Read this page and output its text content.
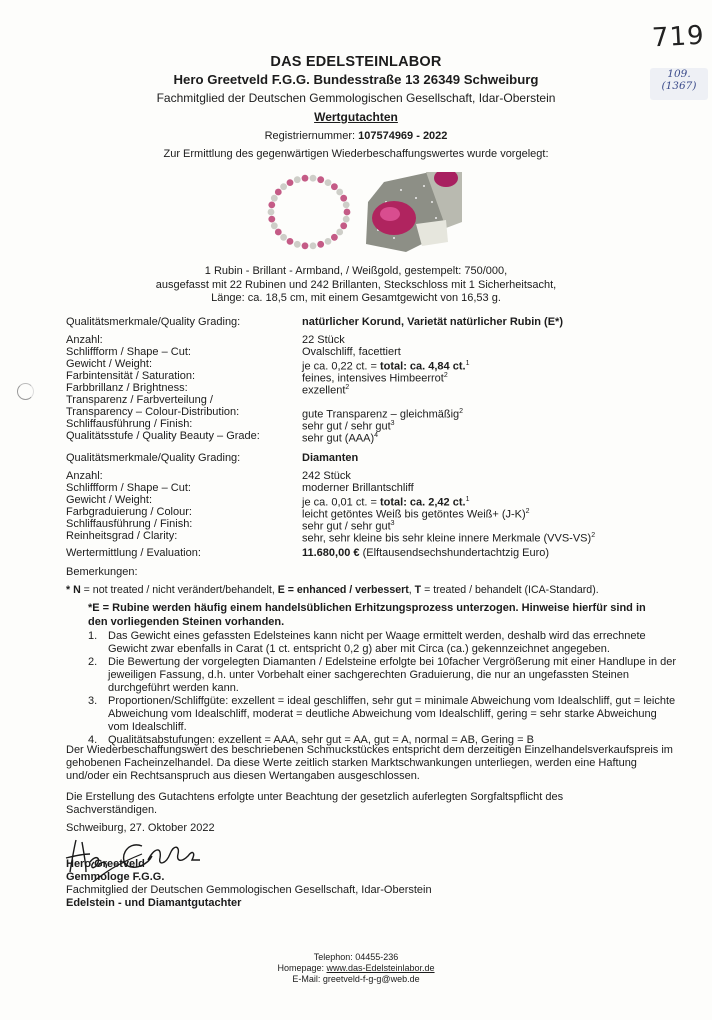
719
109.
(1367)
DAS EDELSTEINLABOR
Hero Greetveld F.G.G. Bundesstraße 13 26349 Schweiburg
Fachmitglied der Deutschen Gemmologischen Gesellschaft, Idar-Oberstein
Wertgutachten
Registriernummer: 107574969 - 2022
Zur Ermittlung des gegenwärtigen Wiederbeschaffungswertes wurde vorgelegt:
1 Rubin - Brillant - Armband, / Weißgold, gestempelt: 750/000,
ausgefasst mit 22 Rubinen und 242 Brillanten, Steckschloss mit 1 Sicherheitsacht,
Länge: ca. 18,5 cm, mit einem Gesamtgewicht von 16,53 g.
Qualitätsmerkmale/Quality Grading:	natürlicher Korund, Varietät natürlicher Rubin (E*)
Anzahl:	22 Stück
Schliffform / Shape – Cut:	Ovalschliff, facettiert
Gewicht / Weight:	je ca. 0,22 ct. = total: ca. 4,84 ct.$^1$
Farbintensität / Saturation:	feines, intensives Himbeerrot$^2$
Farbbrillanz / Brightness:	exzellent$^2$
Transparenz / Farbverteilung /
Transparency – Colour-Distribution:	gute Transparenz – gleichmäßig$^2$
Schliffausführung / Finish:	sehr gut / sehr gut$^3$
Qualitätsstufe / Quality Beauty – Grade:	sehr gut (AAA)$^4$
Qualitätsmerkmale/Quality Grading:	Diamanten
Anzahl:	242 Stück
Schliffform / Shape – Cut:	moderner Brillantschliff
Gewicht / Weight:	je ca. 0,01 ct. = total: ca. 2,42 ct.$^1$
Farbgraduierung / Colour:	leicht getöntes Weiß bis getöntes Weiß+ $(J-K)^2$
Schliffausführung / Finish:	sehr gut / sehr gut$^3$
Reinheitsgrad / Clarity:	sehr, sehr kleine bis sehr kleine innere Merkmale $(VVS-VS)^2$
Wertermittlung / Evaluation:	11.680,00 € (Elftausendsechshundertachtzig Euro)
Bemerkungen:
* N = not treated / nicht verändert/behandelt, E = enhanced / verbessert, T = treated / behandelt (ICA-Standard).
*E = Rubine werden häufig einem handelsüblichen Erhitzungsprozess unterzogen. Hinweise hierfür sind in
den vorliegenden Steinen vorhanden.
1. Das Gewicht eines gefassten Edelsteines kann nicht per Waage ermittelt werden, deshalb wird das errechnete Gewicht zwar ebenfalls in Carat (1 ct. entspricht 0,2 g) aber mit Circa (ca.) gekennzeichnet angegeben.
2. Die Bewertung der vorgelegten Diamanten / Edelsteine erfolgte bei 10facher Vergrößerung mit einer Handlupe in der jeweiligen Fassung, d.h. unter Vorbehalt einer sachgerechten Graduierung, die nur an ungefassten Steinen durchgeführt werden kann.
3. Proportionen/Schliffgüte: exzellent = ideal geschliffen, sehr gut = minimale Abweichung vom Idealschliff, gut = leichte Abweichung vom Idealschliff, moderat = deutliche Abweichung vom Idealschliff, gering = sehr starke Abweichung vom Idealschliff.
4. Qualitätsabstufungen: exzellent = AAA, sehr gut = AA, gut = A, normal = AB, Gering = B
Der Wiederbeschaffungswert des beschriebenen Schmuckstückes entspricht dem derzeitigen Einzelhandelsverkaufspreis im gehobenen Facheinzelhandel. Da diese Werte zeitlich starken Marktschwankungen unterliegen, werden eine Haftung und/oder ein Rechtsanspruch aus diesen Wertangaben ausgeschlossen.
Die Erstellung des Gutachtens erfolgte unter Beachtung der gesetzlich auferlegten Sorgfaltspflicht des Sachverständigen.
Schweiburg, 27. Oktober 2022
Hero Greetveld
Gemmologe F.G.G.
Fachmitglied der Deutschen Gemmologischen Gesellschaft, Idar-Oberstein
Edelstein - und Diamantgutachter
Telephon: 04455-236
Homepage: www.das-Edelsteinlabor.de
E-Mail: greetveld-f-g-g@web.de
